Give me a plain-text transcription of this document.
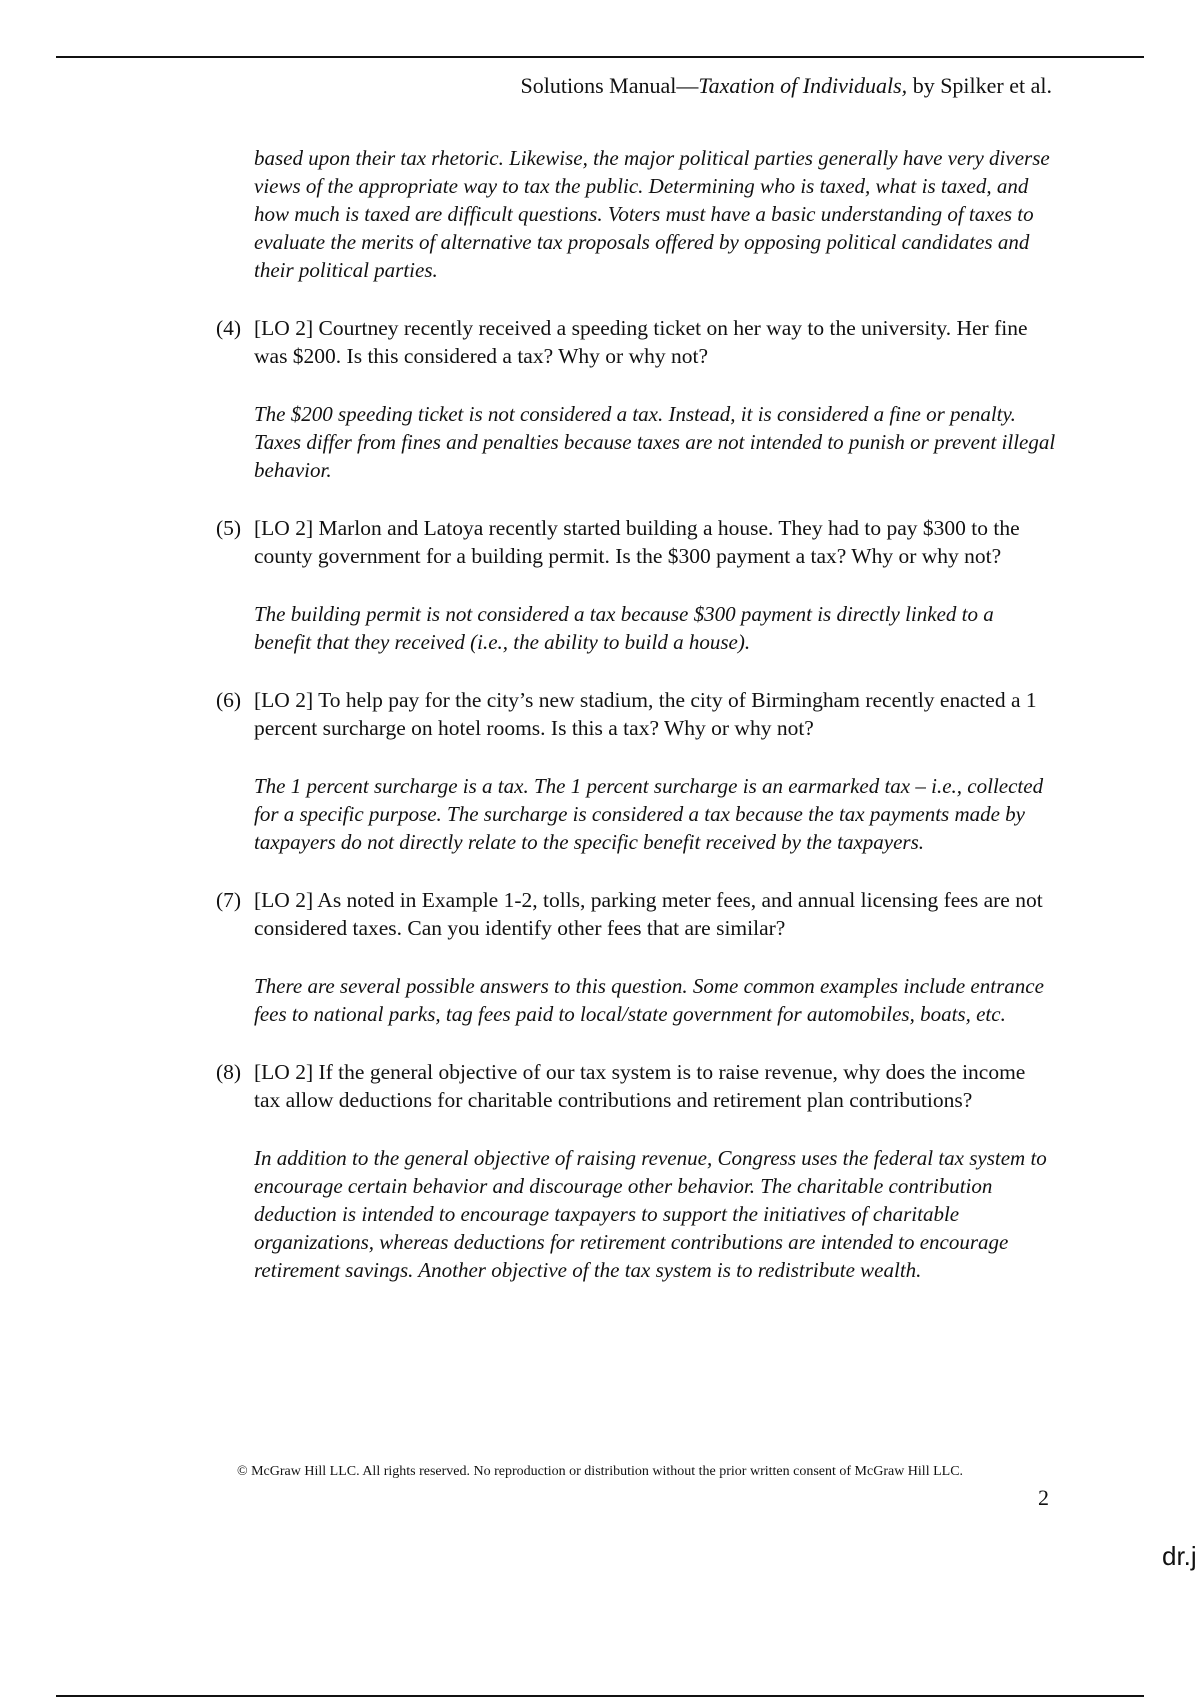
Solutions Manual—Taxation of Individuals, by Spilker et al.

based upon their tax rhetoric. Likewise, the major political parties generally have very diverse views of the appropriate way to tax the public. Determining who is taxed, what is taxed, and how much is taxed are difficult questions. Voters must have a basic understanding of taxes to evaluate the merits of alternative tax proposals offered by opposing political candidates and their political parties.

(4) [LO 2] Courtney recently received a speeding ticket on her way to the university. Her fine was $200. Is this considered a tax? Why or why not?

The $200 speeding ticket is not considered a tax. Instead, it is considered a fine or penalty. Taxes differ from fines and penalties because taxes are not intended to punish or prevent illegal behavior.

(5) [LO 2] Marlon and Latoya recently started building a house. They had to pay $300 to the county government for a building permit. Is the $300 payment a tax? Why or why not?

The building permit is not considered a tax because $300 payment is directly linked to a benefit that they received (i.e., the ability to build a house).

(6) [LO 2] To help pay for the city’s new stadium, the city of Birmingham recently enacted a 1 percent surcharge on hotel rooms. Is this a tax? Why or why not?

The 1 percent surcharge is a tax. The 1 percent surcharge is an earmarked tax – i.e., collected for a specific purpose. The surcharge is considered a tax because the tax payments made by taxpayers do not directly relate to the specific benefit received by the taxpayers.

(7) [LO 2] As noted in Example 1-2, tolls, parking meter fees, and annual licensing fees are not considered taxes. Can you identify other fees that are similar?

There are several possible answers to this question. Some common examples include entrance fees to national parks, tag fees paid to local/state government for automobiles, boats, etc.

(8) [LO 2] If the general objective of our tax system is to raise revenue, why does the income tax allow deductions for charitable contributions and retirement plan contributions?

In addition to the general objective of raising revenue, Congress uses the federal tax system to encourage certain behavior and discourage other behavior. The charitable contribution deduction is intended to encourage taxpayers to support the initiatives of charitable organizations, whereas deductions for retirement contributions are intended to encourage retirement savings. Another objective of the tax system is to redistribute wealth.

© McGraw Hill LLC. All rights reserved. No reproduction or distribution without the prior written consent of McGraw Hill LLC.
2
dr.j
